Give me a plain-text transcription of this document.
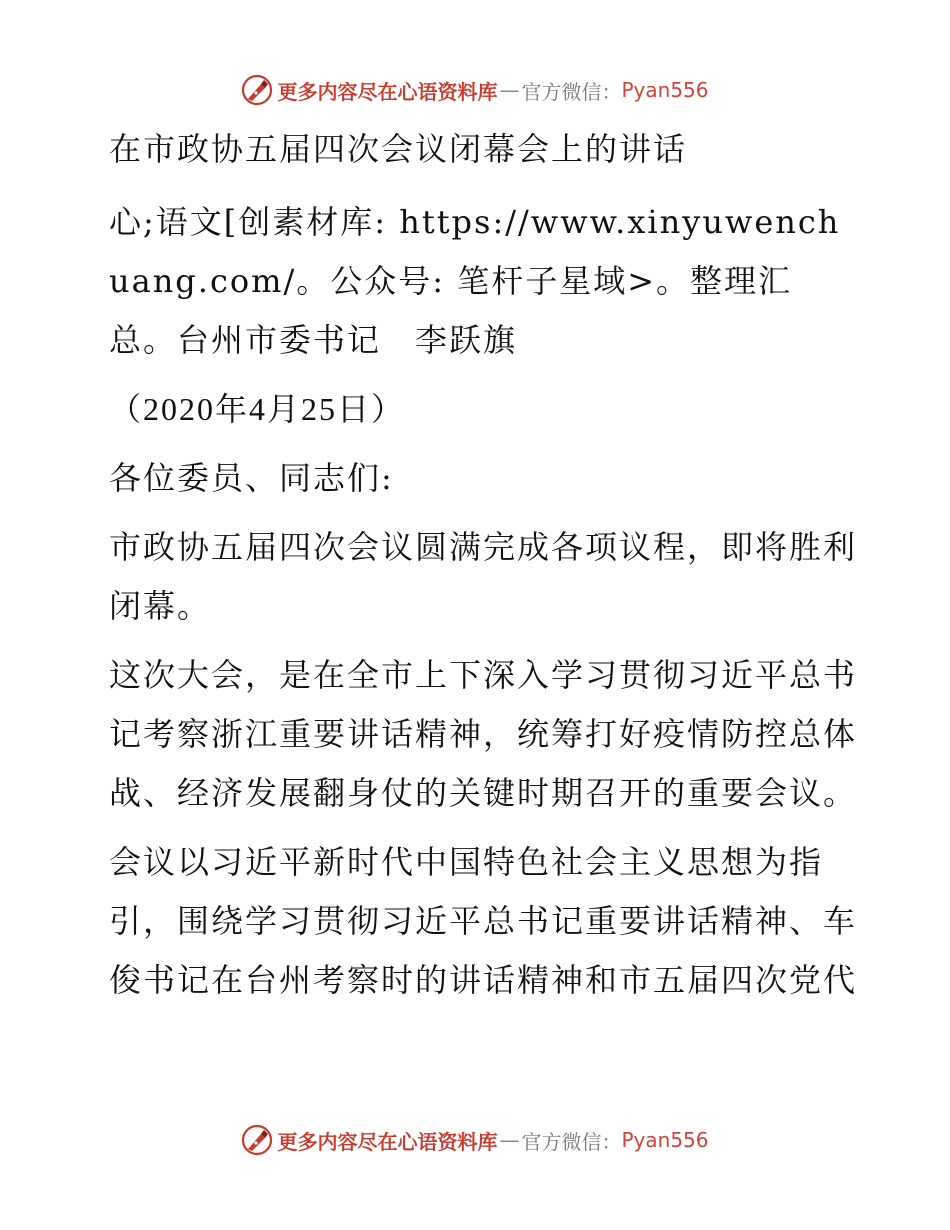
更多内容尽在心语资料库 — 官方微信： Pyan556
在市政协五届四次会议闭幕会上的讲话
心;语文[创素材库: https://www.xinyuwenchuang.com/。公众号: 笔杆子星域>。整理汇总。台州市委书记　李跃旗
（2020年4月25日）
各位委员、同志们:
市政协五届四次会议圆满完成各项议程，即将胜利闭幕。
这次大会，是在全市上下深入学习贯彻习近平总书记考察浙江重要讲话精神，统筹打好疫情防控总体战、经济发展翻身仗的关键时期召开的重要会议。
会议以习近平新时代中国特色社会主义思想为指引，围绕学习贯彻习近平总书记重要讲话精神、车俊书记在台州考察时的讲话精神和市五届四次党代
更多内容尽在心语资料库 — 官方微信： Pyan556
